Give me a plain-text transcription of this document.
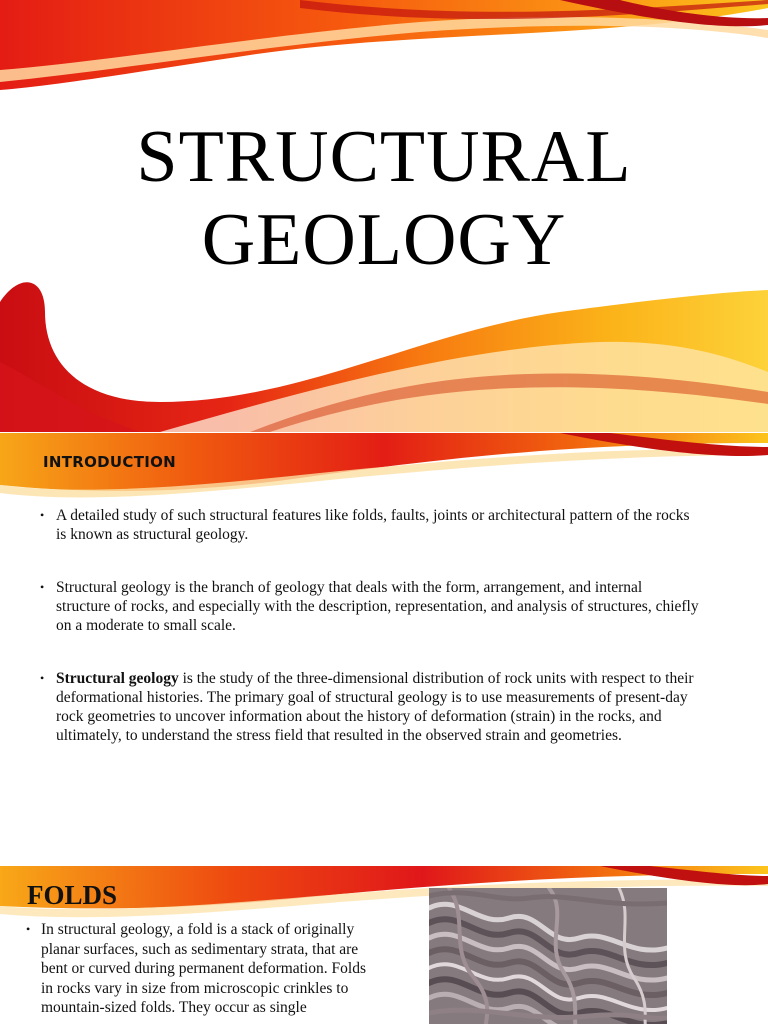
STRUCTURAL
GEOLOGY
INTRODUCTION
• A detailed study of such structural features like folds, faults, joints or architectural pattern of the rocks is known as structural geology.
• Structural geology is the branch of geology that deals with the form, arrangement, and internal structure of rocks, and especially with the description, representation, and analysis of structures, chiefly on a moderate to small scale.
• Structural geology is the study of the three-dimensional distribution of rock units with respect to their deformational histories. The primary goal of structural geology is to use measurements of present-day rock geometries to uncover information about the history of deformation (strain) in the rocks, and ultimately, to understand the stress field that resulted in the observed strain and geometries.
FOLDS
• In structural geology, a fold is a stack of originally planar surfaces, such as sedimentary strata, that are bent or curved during permanent deformation. Folds in rocks vary in size from microscopic crinkles to mountain-sized folds. They occur as single
